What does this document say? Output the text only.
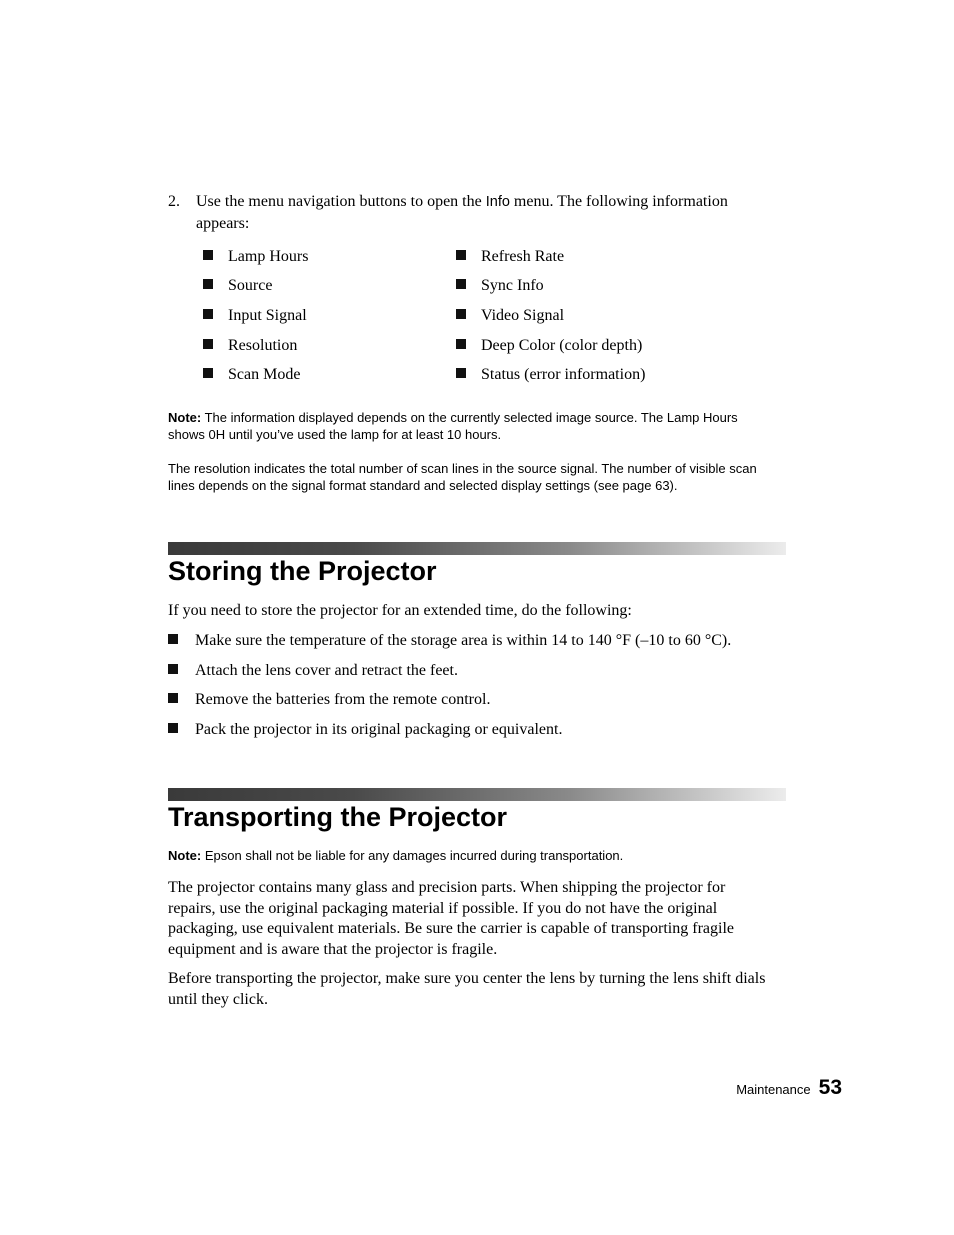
2. Use the menu navigation buttons to open the Info menu. The following information appears:
Lamp Hours
Source
Input Signal
Resolution
Scan Mode
Refresh Rate
Sync Info
Video Signal
Deep Color (color depth)
Status (error information)
Note: The information displayed depends on the currently selected image source. The Lamp Hours shows 0H until you’ve used the lamp for at least 10 hours.
The resolution indicates the total number of scan lines in the source signal. The number of visible scan lines depends on the signal format standard and selected display settings (see page 63).
Storing the Projector
If you need to store the projector for an extended time, do the following:
Make sure the temperature of the storage area is within 14 to 140 °F (–10 to 60 °C).
Attach the lens cover and retract the feet.
Remove the batteries from the remote control.
Pack the projector in its original packaging or equivalent.
Transporting the Projector
Note: Epson shall not be liable for any damages incurred during transportation.
The projector contains many glass and precision parts. When shipping the projector for repairs, use the original packaging material if possible. If you do not have the original packaging, use equivalent materials. Be sure the carrier is capable of transporting fragile equipment and is aware that the projector is fragile.
Before transporting the projector, make sure you center the lens by turning the lens shift dials until they click.
Maintenance 53
